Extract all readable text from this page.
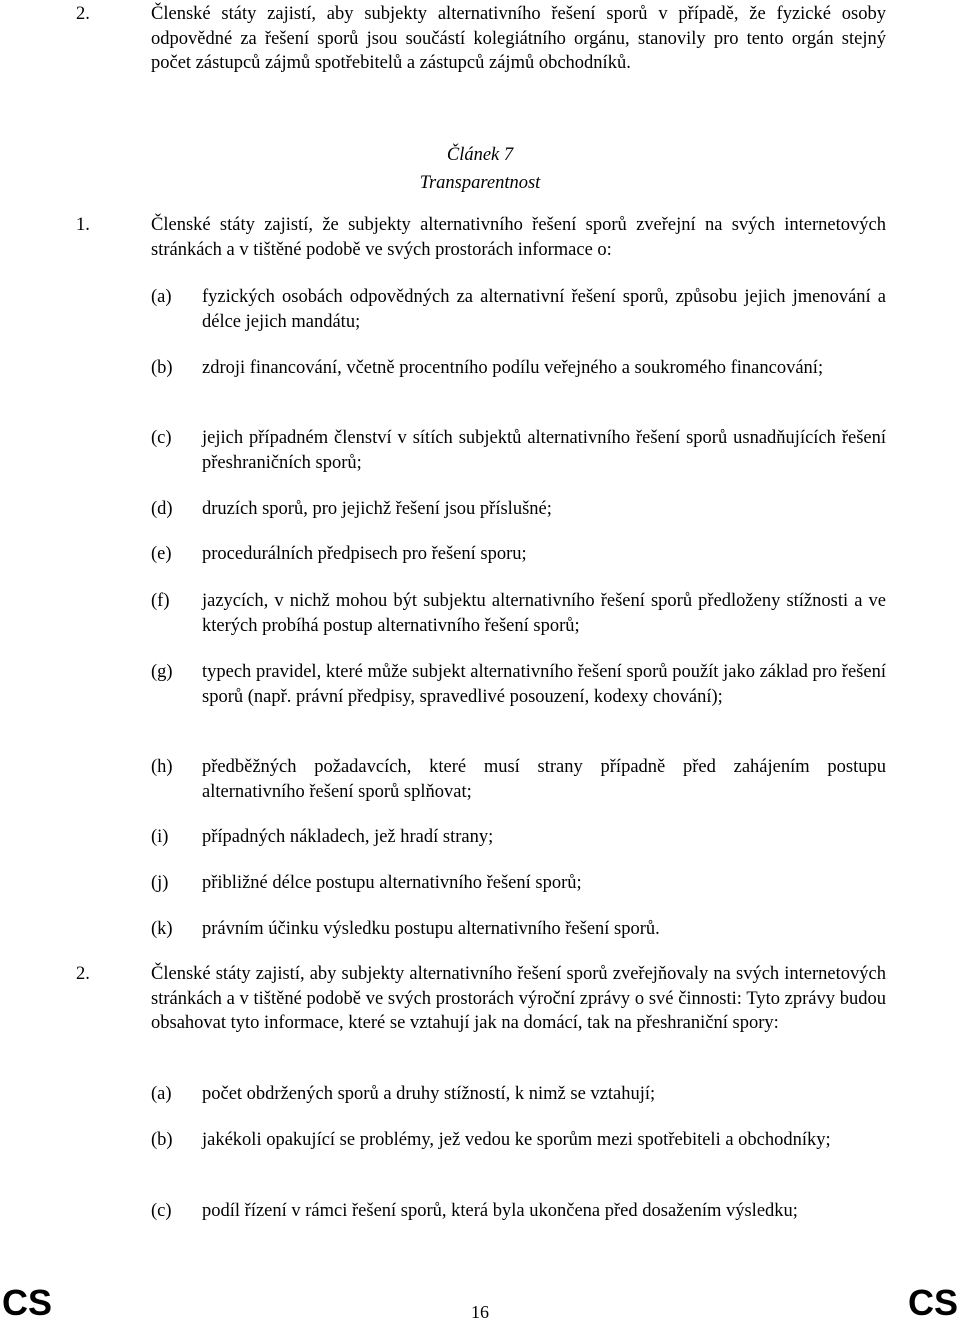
2.	Členské státy zajistí, aby subjekty alternativního řešení sporů v případě, že fyzické osoby odpovědné za řešení sporů jsou součástí kolegiátního orgánu, stanovily pro tento orgán stejný počet zástupců zájmů spotřebitelů a zástupců zájmů obchodníků.
Článek 7
Transparentnost
1.	Členské státy zajistí, že subjekty alternativního řešení sporů zveřejní na svých internetových stránkách a v tištěné podobě ve svých prostorách informace o:
(a) fyzických osobách odpovědných za alternativní řešení sporů, způsobu jejich jmenování a délce jejich mandátu;
(b) zdroji financování, včetně procentního podílu veřejného a soukromého financování;
(c) jejich případném členství v sítích subjektů alternativního řešení sporů usnadňujících řešení přeshraničních sporů;
(d) druzích sporů, pro jejichž řešení jsou příslušné;
(e) procedurálních předpisech pro řešení sporu;
(f) jazycích, v nichž mohou být subjektu alternativního řešení sporů předloženy stížnosti a ve kterých probíhá postup alternativního řešení sporů;
(g) typech pravidel, které může subjekt alternativního řešení sporů použít jako základ pro řešení sporů (např. právní předpisy, spravedlivé posouzení, kodexy chování);
(h) předběžných požadavcích, které musí strany případně před zahájením postupu alternativního řešení sporů splňovat;
(i) případných nákladech, jež hradí strany;
(j) přibližné délce postupu alternativního řešení sporů;
(k) právním účinku výsledku postupu alternativního řešení sporů.
2.	Členské státy zajistí, aby subjekty alternativního řešení sporů zveřejňovaly na svých internetových stránkách a v tištěné podobě ve svých prostorách výroční zprávy o své činnosti: Tyto zprávy budou obsahovat tyto informace, které se vztahují jak na domácí, tak na přeshraniční spory:
(a) počet obdržených sporů a druhy stížností, k nimž se vztahují;
(b) jakékoli opakující se problémy, jež vedou ke sporům mezi spotřebiteli a obchodníky;
(c) podíl řízení v rámci řešení sporů, která byla ukončena před dosažením výsledku;
CS	16	CS
